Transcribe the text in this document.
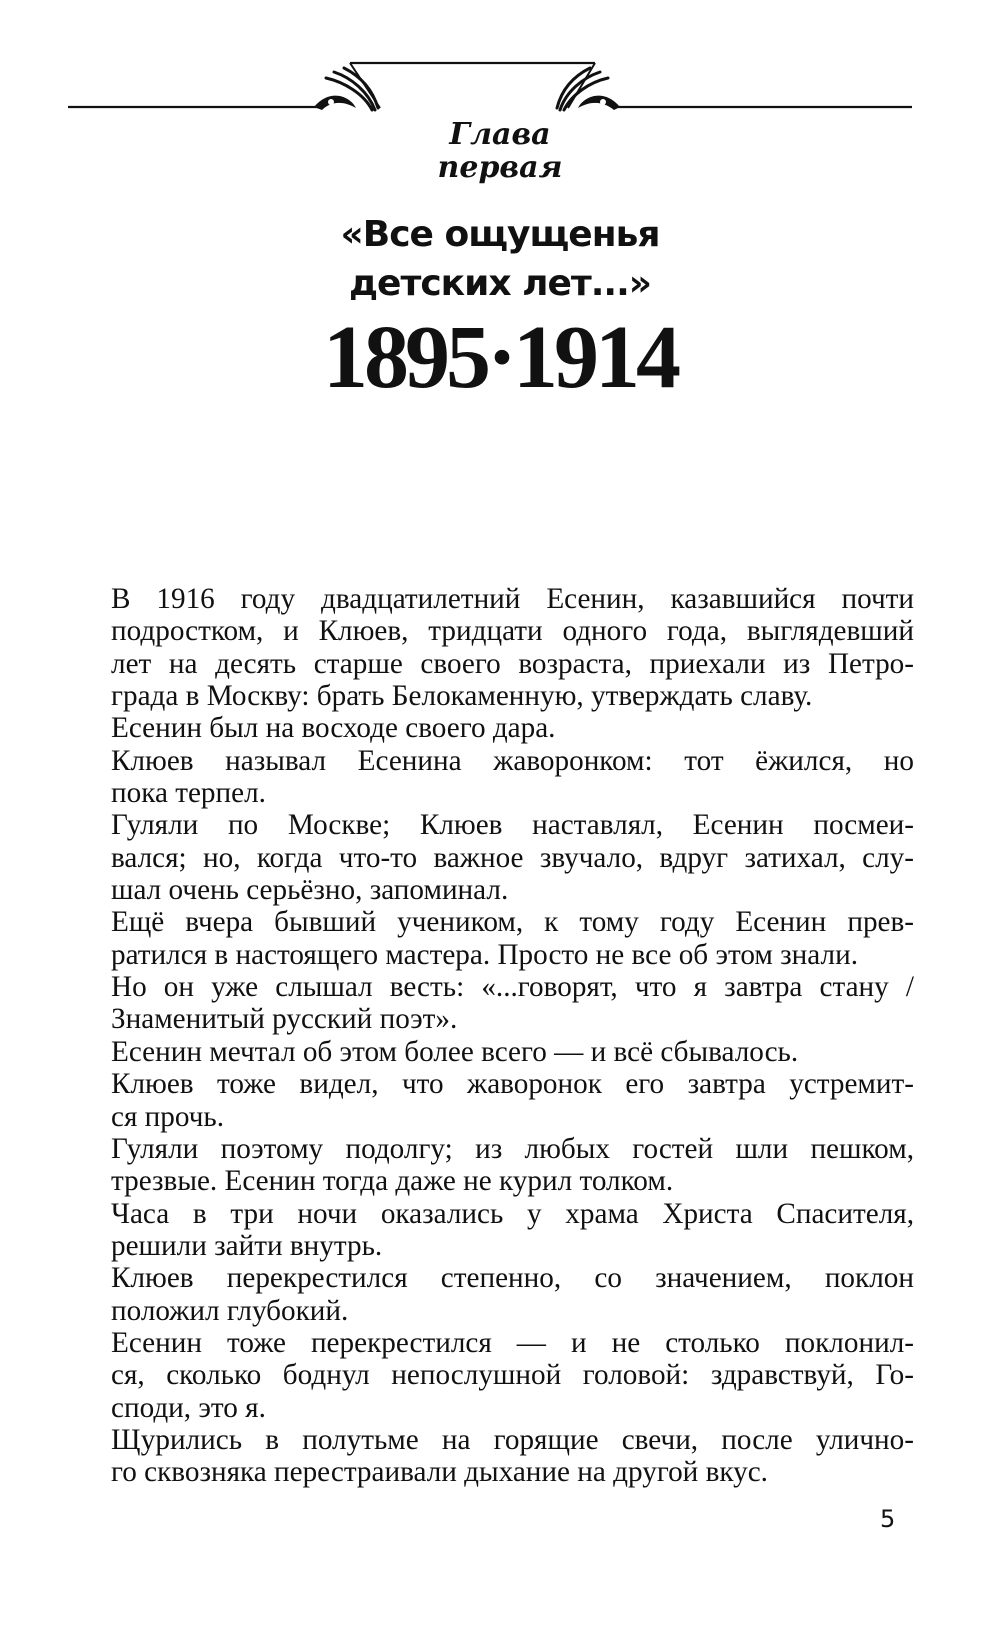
Глава
первая
«Все ощущенья
детских лет...»
1895·1914

В 1916 году двадцатилетний Есенин, казавшийся почти
подростком, и Клюев, тридцати одного года, выглядевший
лет на десять старше своего возраста, приехали из Петро-
града в Москву: брать Белокаменную, утверждать славу.

Есенин был на восходе своего дара.

Клюев называл Есенина жаворонком: тот ёжился, но
пока терпел.

Гуляли по Москве; Клюев наставлял, Есенин посмеи-
вался; но, когда что-то важное звучало, вдруг затихал, слу-
шал очень серьёзно, запоминал.

Ещё вчера бывший учеником, к тому году Есенин прев-
ратился в настоящего мастера. Просто не все об этом знали.

Но он уже слышал весть: «...говорят, что я завтра стану /
Знаменитый русский поэт».

Есенин мечтал об этом более всего — и всё сбывалось.

Клюев тоже видел, что жаворонок его завтра устремит-
ся прочь.

Гуляли поэтому подолгу; из любых гостей шли пешком,
трезвые. Есенин тогда даже не курил толком.

Часа в три ночи оказались у храма Христа Спасителя,
решили зайти внутрь.

Клюев перекрестился степенно, со значением, поклон
положил глубокий.

Есенин тоже перекрестился — и не столько поклонил-
ся, сколько боднул непослушной головой: здравствуй, Го-
споди, это я.

Щурились в полутьме на горящие свечи, после улично-
го сквозняка перестраивали дыхание на другой вкус.

5
